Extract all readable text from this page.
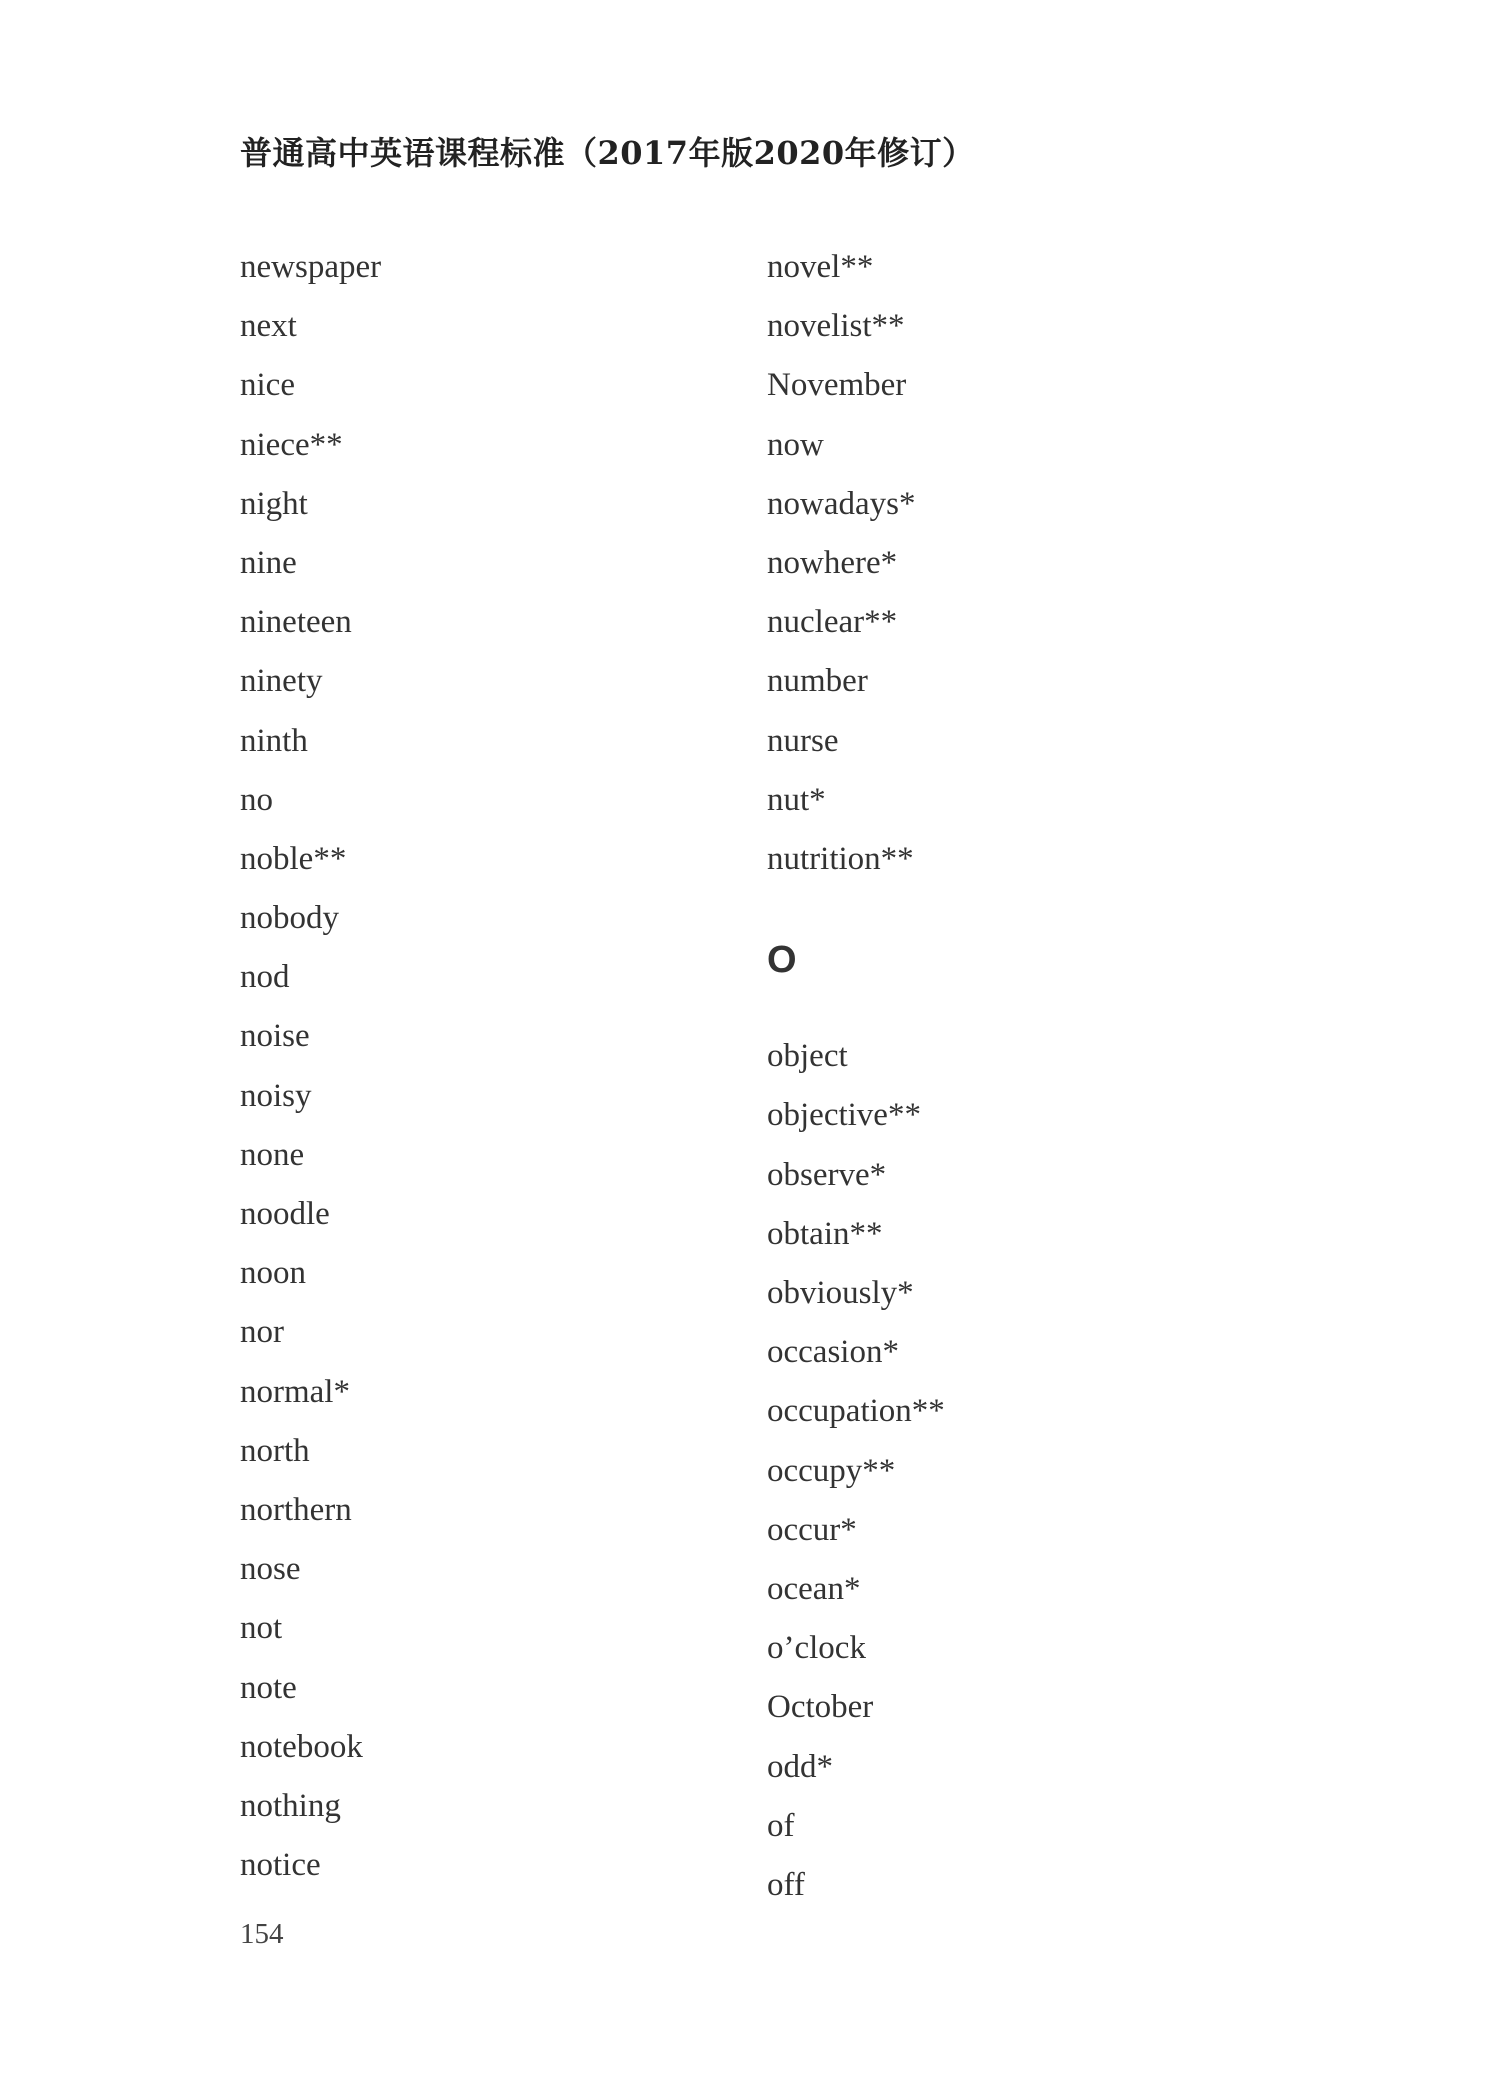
普通高中英语课程标准（2017年版2020年修订）
newspaper
next
nice
niece**
night
nine
nineteen
ninety
ninth
no
noble**
nobody
nod
noise
noisy
none
noodle
noon
nor
normal*
north
northern
nose
not
note
notebook
nothing
notice
novel**
novelist**
November
now
nowadays*
nowhere*
nuclear**
number
nurse
nut*
nutrition**
O
object
objective**
observe*
obtain**
obviously*
occasion*
occupation**
occupy**
occur*
ocean*
o’clock
October
odd*
of
off
154
